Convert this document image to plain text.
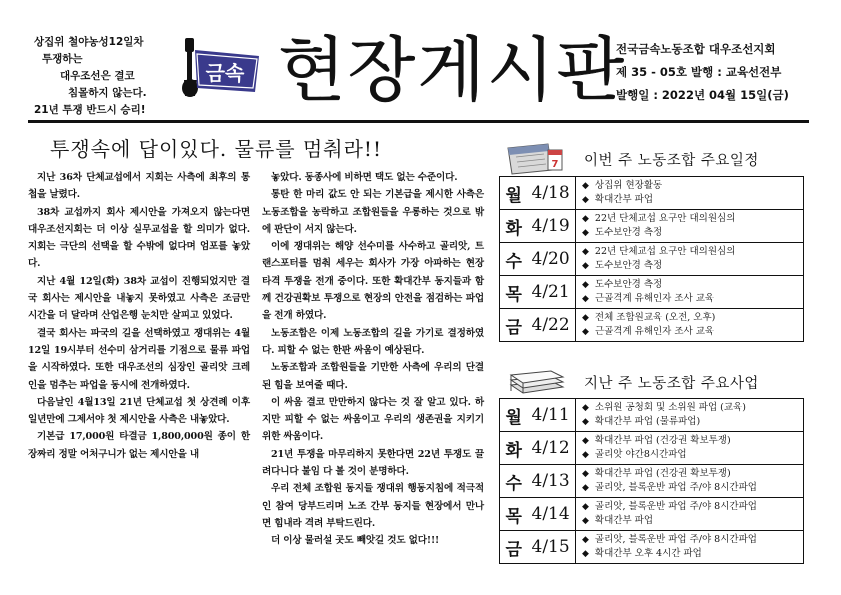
상집위 철야농성12일차
투쟁하는
대우조선은 결코
침몰하지 않는다.
21년 투쟁 반드시 승리!
금속 현장게시판
전국금속노동조합 대우조선지회
제 35 - 05호 발행 : 교육선전부
발행일 : 2022년 04월 15일(금)
투쟁속에 답이있다. 물류를 멈춰라!!

지난 36차 단체교섭에서 지회는 사측에 최후의 통첩을 날렸다.

38차 교섭까지 회사 제시안을 가져오지 않는다면 대우조선지회는 더 이상 실무교섭을 할 의미가 없다. 지회는 극단의 선택을 할 수밖에 없다며 엄포를 놓았다.

지난 4월 12일(화) 38차 교섭이 진행되었지만 결국 회사는 제시안을 내놓지 못하였고 사측은 조금만 시간을 더 달라며 산업은행 눈치만 살피고 있었다.

결국 회사는 파국의 길을 선택하였고 쟁대위는 4월12일 19시부터 선수미 삼거리를 기점으로 물류 파업을 시작하였다. 또한 대우조선의 심장인 골리앗 크레인을 멈추는 파업을 동시에 전개하였다.

다음날인 4월13일 21년 단체교섭 첫 상견례 이후 일년만에 그제서야 첫 제시안을 사측은 내놓았다.

기본급 17,000원 타결금 1,800,000원 종이 한장짜리 정말 어처구니가 없는 제시안을 내

놓았다. 동종사에 비하면 택도 없는 수준이다.

통탄 한 마리 값도 안 되는 기본급을 제시한 사측은 노동조합을 농락하고 조합원들을 우롱하는 것으로 밖에 판단이 서지 않는다.

이에 쟁대위는 해양 선수미를 사수하고 골리앗, 트랜스포터를 멈춰 세우는 회사가 가장 아파하는 현장 타격 투쟁을 전개 중이다. 또한 확대간부 동지들과 함께 건강권확보 투쟁으로 현장의 안전을 점검하는 파업을 전개 하였다.

노동조합은 이제 노동조합의 길을 가기로 결정하였다. 피할 수 없는 한판 싸움이 예상된다.

노동조합과 조합원들을 기만한 사측에 우리의 단결된 힘을 보여줄 때다.

이 싸움 결코 만만하지 않다는 것 잘 알고 있다. 하지만 피할 수 없는 싸움이고 우리의 생존권을 지키기 위한 싸움이다.

21년 투쟁을 마무리하지 못한다면 22년 투쟁도 끌려다니다 불임 다 볼 것이 분명하다.

우리 전체 조합원 동지들 쟁대위 행동지침에 적극적인 참여 당부드리며 노조 간부 동지들 현장에서 만나면 힘내라 격려 부탁드린다.

더 이상 물러설 곳도 빼앗길 것도 없다!!!

7 이번 주 노동조합 주요일정
월	4/18	◆ 상집위 현장활동
◆ 확대간부 파업

화	4/19	◆ 22년 단체교섭 요구안 대의원심의
◆ 도수보안경 측정

수	4/20	◆ 22년 단체교섭 요구안 대의원심의
◆ 도수보안경 측정

목	4/21	◆ 도수보안경 측정
◆ 근골격계 유해인자 조사 교육

금	4/22	◆ 전체 조합원교육 (오전, 오후)
◆ 근골격계 유해인자 조사 교육
지난 주 노동조합 주요사업
월	4/11	◆ 소위원 공청회 및 소위원 파업 (교육)
◆ 확대간부 파업 (물류파업)

화	4/12	◆ 확대간부 파업 (건강권 확보투쟁)
◆ 골리앗 야간8시간파업

수	4/13	◆ 확대간부 파업 (건강권 확보투쟁)
◆ 골리앗, 블록운반 파업 주/야 8시간파업

목	4/14	◆ 골리앗, 블록운반 파업 주/야 8시간파업
◆ 확대간부 파업

금	4/15	◆ 골리앗, 블록운반 파업 주/야 8시간파업
◆ 확대간부 오후 4시간 파업
